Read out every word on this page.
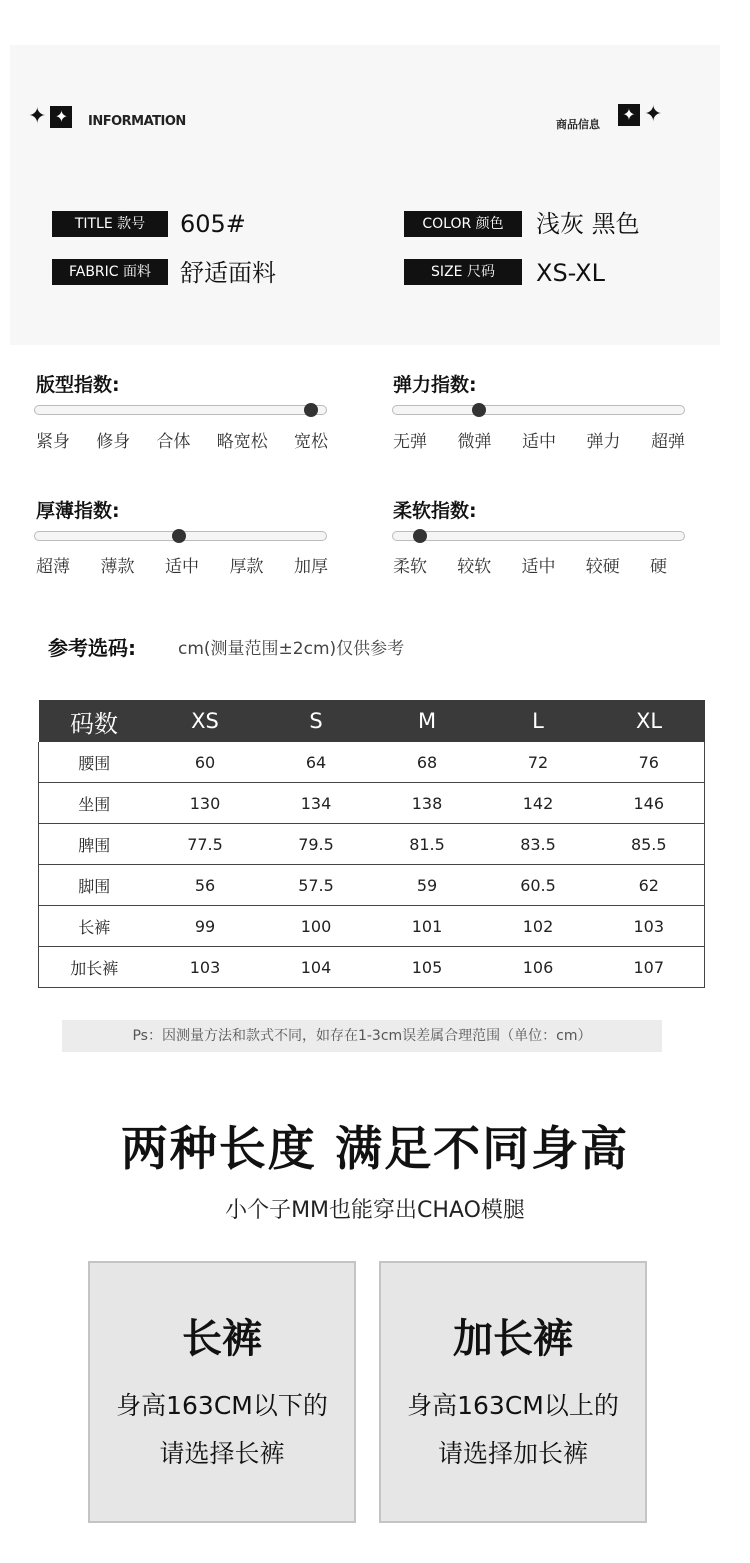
✦ ✦	INFORMATION	商品信息
✦ ✦
TITLE 款号	605#
FABRIC 面料	舒适面料
COLOR 颜色	浅灰 黑色
SIZE 尺码	XS-XL
版型指数:
紧身 修身 合体 略宽松 宽松
弹力指数:
无弹 微弹 适中 弹力 超弹
厚薄指数:
超薄 薄款 适中 厚款 加厚
柔软指数:
柔软 较软 适中 较硬 硬
参考选码: cm(测量范围±2cm)仅供参考
码数	XS	S	M	L	XL
腰围	60	64	68	72	76
坐围	130	134	138	142	146
脾围	77.5	79.5	81.5	83.5	85.5
脚围	56	57.5	59	60.5	62
长裤	99	100	101	102	103
加长裤	103	104	105	106	107
Ps：因测量方法和款式不同，如存在1-3cm误差属合理范围（单位：cm）
两种长度 满足不同身高
小个子MM也能穿出CHAO模腿
长裤
身高163CM以下的
请选择长裤
加长裤
身高163CM以上的
请选择加长裤
